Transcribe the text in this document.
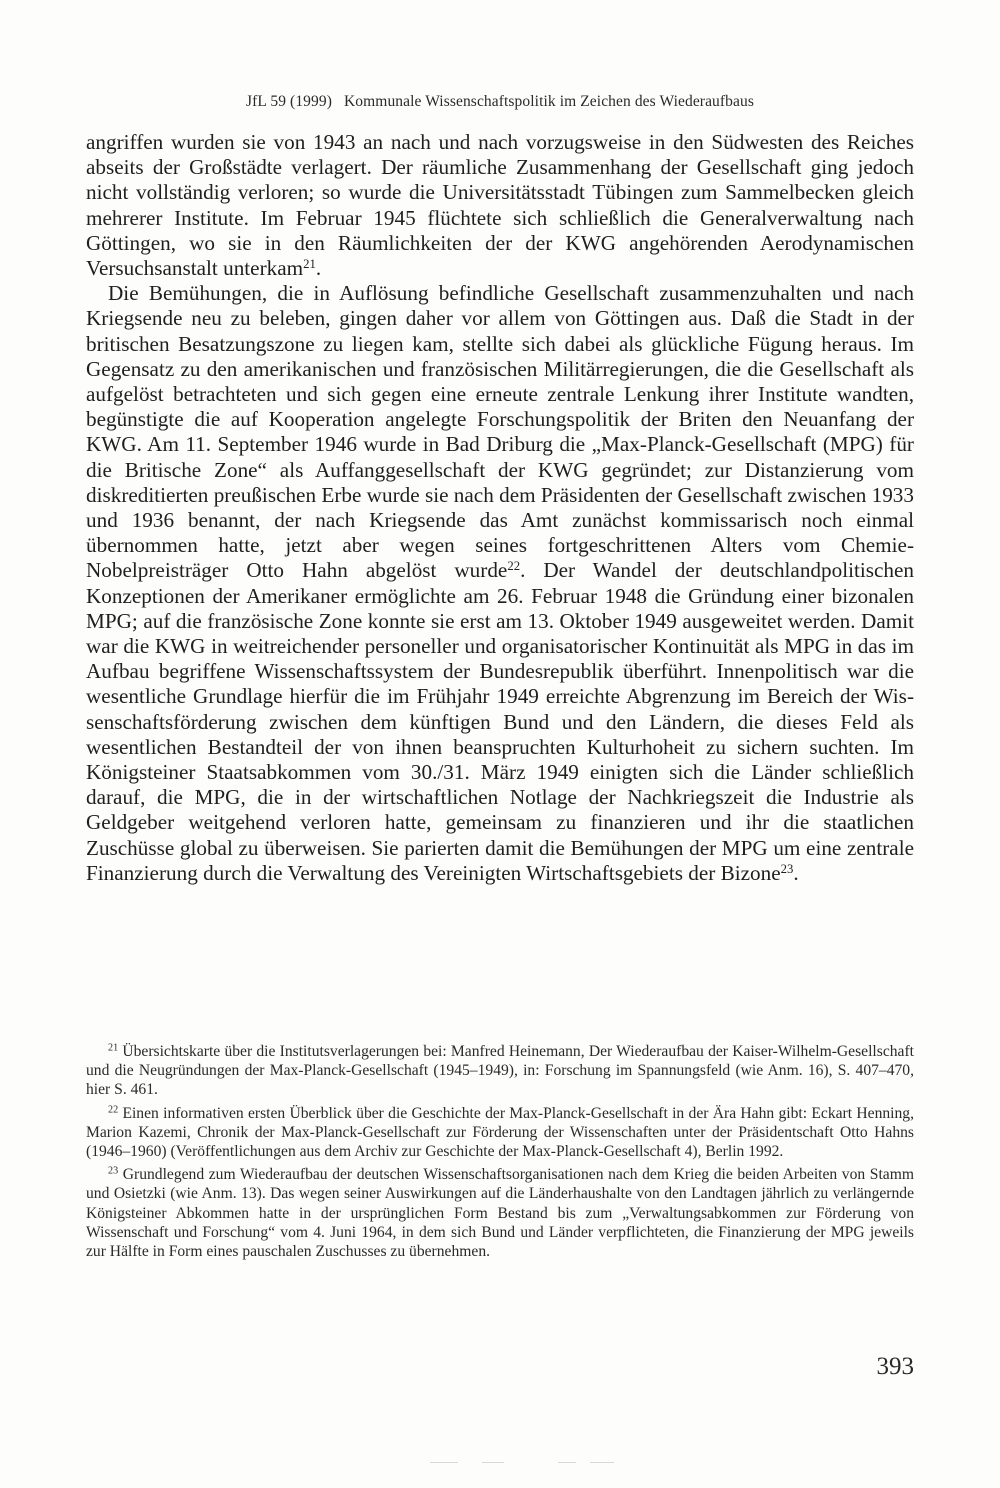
JfL 59 (1999) Kommunale Wissenschaftspolitik im Zeichen des Wiederaufbaus

angriffen wurden sie von 1943 an nach und nach vorzugsweise in den Südwesten des Reiches abseits der Großstädte verlagert. Der räumliche Zusammenhang der Gesellschaft ging jedoch nicht vollständig verloren; so wurde die Universitätsstadt Tübingen zum Sammelbecken gleich mehrerer Institute. Im Februar 1945 flüchtete sich schließlich die Generalverwaltung nach Göttingen, wo sie in den Räumlichkeiten der der KWG angehörenden Aerodynamischen Versuchsanstalt unterkam$^{21}$.

Die Bemühungen, die in Auflösung befindliche Gesellschaft zusammenzuhalten und nach Kriegsende neu zu beleben, gingen daher vor allem von Göttingen aus. Daß die Stadt in der britischen Besatzungszone zu liegen kam, stellte sich dabei als glückliche Fügung heraus. Im Gegensatz zu den amerikanischen und französischen Militärregierungen, die die Gesellschaft als aufgelöst betrachteten und sich gegen eine erneute zentrale Lenkung ihrer Institute wandten, begünstigte die auf Kooperation angelegte Forschungspolitik der Briten den Neuanfang der KWG. Am 11. September 1946 wurde in Bad Driburg die „Max-Planck-Gesellschaft (MPG) für die Britische Zone“ als Auffanggesellschaft der KWG gegründet; zur Distanzierung vom diskreditierten preußischen Erbe wurde sie nach dem Präsidenten der Gesellschaft zwischen 1933 und 1936 benannt, der nach Kriegsende das Amt zunächst kommissarisch noch einmal übernommen hatte, jetzt aber wegen seines fortgeschrittenen Alters vom Chemie-Nobelpreisträger Otto Hahn abgelöst wurde$^{22}$. Der Wandel der deutschlandpolitischen Konzeptionen der Amerikaner ermöglichte am 26. Februar 1948 die Gründung einer bizonalen MPG; auf die französische Zone konnte sie erst am 13. Oktober 1949 ausgeweitet werden. Damit war die KWG in weitreichender personeller und organisatorischer Kontinuität als MPG in das im Aufbau begriffene Wissenschaftssystem der Bundesrepublik überführt. Innenpolitisch war die wesentliche Grundlage hierfür die im Frühjahr 1949 erreichte Abgrenzung im Bereich der Wissenschaftsförderung zwischen dem künftigen Bund und den Ländern, die dieses Feld als wesentlichen Bestandteil der von ihnen beanspruchten Kulturhoheit zu sichern suchten. Im Königsteiner Staatsabkommen vom 30./31. März 1949 einigten sich die Länder schließlich darauf, die MPG, die in der wirtschaftlichen Notlage der Nachkriegszeit die Industrie als Geldgeber weitgehend verloren hatte, gemeinsam zu finanzieren und ihr die staatlichen Zuschüsse global zu überweisen. Sie parierten damit die Bemühungen der MPG um eine zentrale Finanzierung durch die Verwaltung des Vereinigten Wirtschaftsgebiets der Bizone$^{23}$.

$^{21}$ Übersichtskarte über die Institutsverlagerungen bei: Manfred Heinemann, Der Wiederaufbau der Kaiser-Wilhelm-Gesellschaft und die Neugründungen der Max-Planck-Gesellschaft (1945–1949), in: Forschung im Spannungsfeld (wie Anm. 16), S. 407–470, hier S. 461.

$^{22}$ Einen informativen ersten Überblick über die Geschichte der Max-Planck-Gesellschaft in der Ära Hahn gibt: Eckart Henning, Marion Kazemi, Chronik der Max-Planck-Gesellschaft zur Förderung der Wissenschaften unter der Präsidentschaft Otto Hahns (1946–1960) (Veröffentlichungen aus dem Archiv zur Geschichte der Max-Planck-Gesellschaft 4), Berlin 1992.

$^{23}$ Grundlegend zum Wiederaufbau der deutschen Wissenschaftsorganisationen nach dem Krieg die beiden Arbeiten von Stamm und Osietzki (wie Anm. 13). Das wegen seiner Auswirkungen auf die Länderhaushalte von den Landtagen jährlich zu verlängernde Königsteiner Abkommen hatte in der ursprünglichen Form Bestand bis zum „Verwaltungsabkommen zur Förderung von Wissenschaft und Forschung“ vom 4. Juni 1964, in dem sich Bund und Länder verpflichteten, die Finanzierung der MPG jeweils zur Hälfte in Form eines pauschalen Zuschusses zu übernehmen.

393
